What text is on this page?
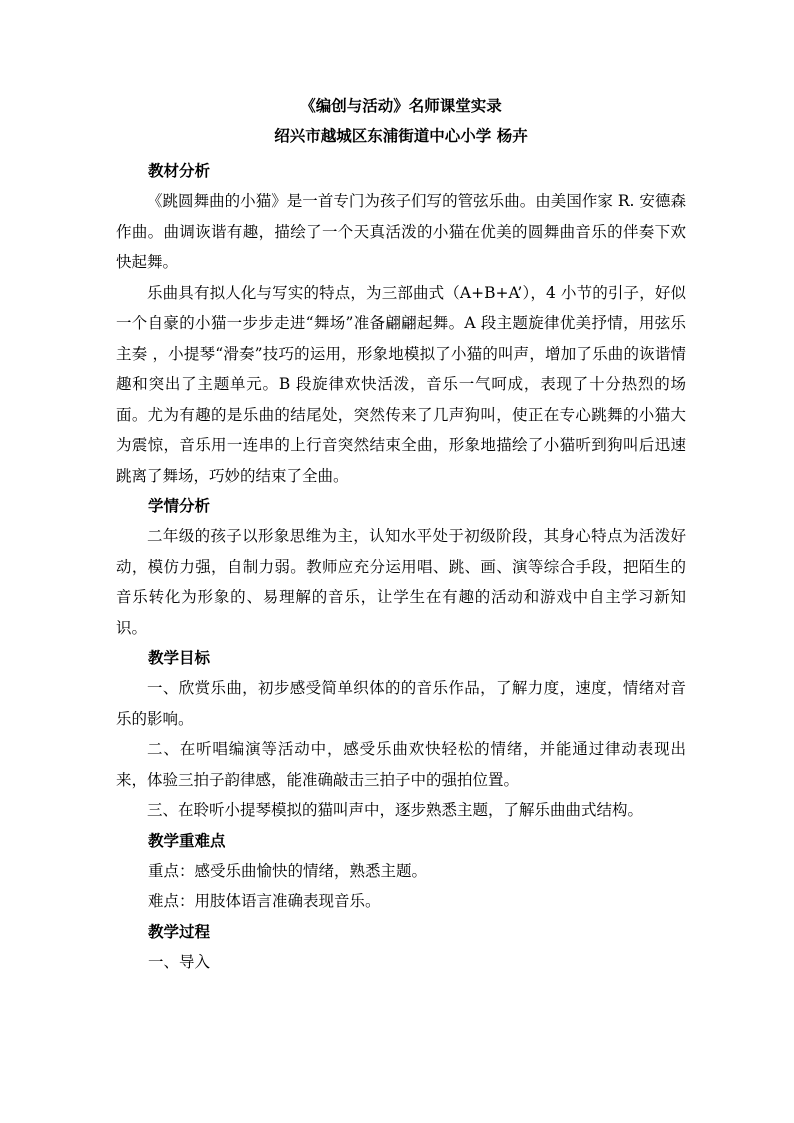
《编创与活动》名师课堂实录

绍兴市越城区东浦街道中心小学 杨卉

教材分析

《跳圆舞曲的小猫》是一首专门为孩子们写的管弦乐曲。由美国作家 R. 安德森作曲。曲调诙谐有趣，描绘了一个天真活泼的小猫在优美的圆舞曲音乐的伴奏下欢快起舞。

乐曲具有拟人化与写实的特点，为三部曲式（A+B+A’），4 小节的引子，好似一个自豪的小猫一步步走进“舞场”准备翩翩起舞。A 段主题旋律优美抒情，用弦乐主奏 ，小提琴“滑奏”技巧的运用，形象地模拟了小猫的叫声，增加了乐曲的诙谐情趣和突出了主题单元。B 段旋律欢快活泼，音乐一气呵成，表现了十分热烈的场面。尤为有趣的是乐曲的结尾处，突然传来了几声狗叫，使正在专心跳舞的小猫大为震惊，音乐用一连串的上行音突然结束全曲，形象地描绘了小猫听到狗叫后迅速跳离了舞场，巧妙的结束了全曲。

学情分析

二年级的孩子以形象思维为主，认知水平处于初级阶段，其身心特点为活泼好动，模仿力强，自制力弱。教师应充分运用唱、跳、画、演等综合手段，把陌生的音乐转化为形象的、易理解的音乐，让学生在有趣的活动和游戏中自主学习新知识。

教学目标

一、欣赏乐曲，初步感受简单织体的的音乐作品，了解力度，速度，情绪对音乐的影响。

二、在听唱编演等活动中，感受乐曲欢快轻松的情绪，并能通过律动表现出来，体验三拍子韵律感，能准确敲击三拍子中的强拍位置。

三、在聆听小提琴模拟的猫叫声中，逐步熟悉主题，了解乐曲曲式结构。

教学重难点

重点：感受乐曲愉快的情绪，熟悉主题。

难点：用肢体语言准确表现音乐。

教学过程

一、导入
